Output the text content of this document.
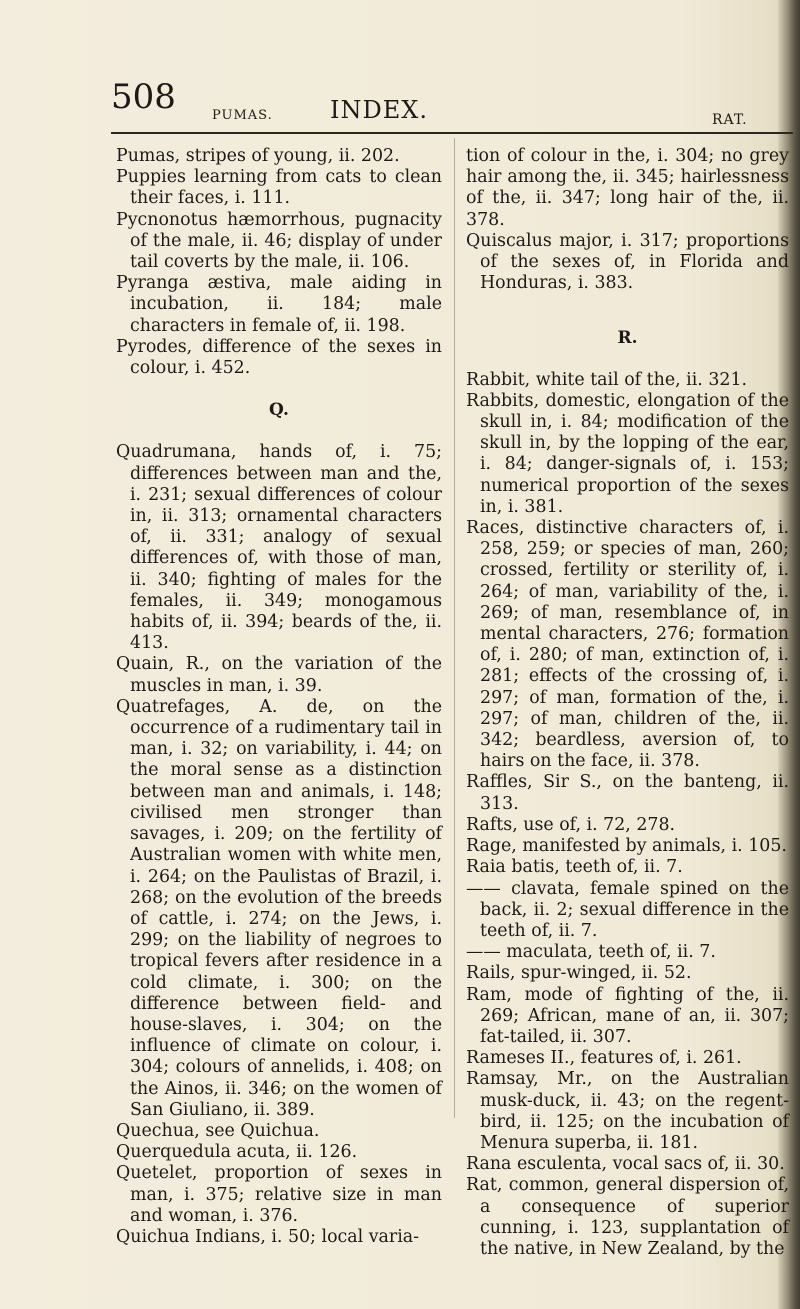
508	PUMAS. INDEX.	RAT.

Pumas, stripes of young, ii. 202.

Puppies learning from cats to clean their faces, i. 111.

Pycnonotus hæmorrhous, pugnacity of the male, ii. 46; display of under tail coverts by the male, ii. 106.

Pyranga æstiva, male aiding in incubation, ii. 184; male characters in female of, ii. 198.

Pyrodes, difference of the sexes in colour, i. 452.

Q.

Quadrumana, hands of, i. 75; differences between man and the, i. 231; sexual differences of colour in, ii. 313; ornamental characters of, ii. 331; analogy of sexual differences of, with those of man, ii. 340; fighting of males for the females, ii. 349; monogamous habits of, ii. 394; beards of the, ii. 413.

Quain, R., on the variation of the muscles in man, i. 39.

Quatrefages, A. de, on the occurrence of a rudimentary tail in man, i. 32; on variability, i. 44; on the moral sense as a distinction between man and animals, i. 148; civilised men stronger than savages, i. 209; on the fertility of Australian women with white men, i. 264; on the Paulistas of Brazil, i. 268; on the evolution of the breeds of cattle, i. 274; on the Jews, i. 299; on the liability of negroes to tropical fevers after residence in a cold climate, i. 300; on the difference between field- and house-slaves, i. 304; on the influence of climate on colour, i. 304; colours of annelids, i. 408; on the Ainos, ii. 346; on the women of San Giuliano, ii. 389.

Quechua, see Quichua.

Querquedula acuta, ii. 126.

Quetelet, proportion of sexes in man, i. 375; relative size in man and woman, i. 376.

Quichua Indians, i. 50; local varia-

tion of colour in the, i. 304; no grey hair among the, ii. 345; hairlessness of the, ii. 347; long hair of the, ii. 378.

Quiscalus major, i. 317; proportions of the sexes of, in Florida and Honduras, i. 383.

R.

Rabbit, white tail of the, ii. 321.

Rabbits, domestic, elongation of the skull in, i. 84; modification of the skull in, by the lopping of the ear, i. 84; danger-signals of, i. 153; numerical proportion of the sexes in, i. 381.

Races, distinctive characters of, i. 258, 259; or species of man, 260; crossed, fertility or sterility of, i. 264; of man, variability of the, i. 269; of man, resemblance of, in mental characters, 276; formation of, i. 280; of man, extinction of, i. 281; effects of the crossing of, i. 297; of man, formation of the, i. 297; of man, children of the, ii. 342; beardless, aversion of, to hairs on the face, ii. 378.

Raffles, Sir S., on the banteng, ii. 313.

Rafts, use of, i. 72, 278.

Rage, manifested by animals, i. 105.

Raia batis, teeth of, ii. 7.

—— clavata, female spined on the back, ii. 2; sexual difference in the teeth of, ii. 7.

—— maculata, teeth of, ii. 7.

Rails, spur-winged, ii. 52.

Ram, mode of fighting of the, ii. 269; African, mane of an, ii. 307; fat-tailed, ii. 307.

Rameses II., features of, i. 261.

Ramsay, Mr., on the Australian musk-duck, ii. 43; on the regent-bird, ii. 125; on the incubation of Menura superba, ii. 181.

Rana esculenta, vocal sacs of, ii. 30.

Rat, common, general dispersion of, a consequence of superior cunning, i. 123, supplantation of the native, in New Zealand, by the
